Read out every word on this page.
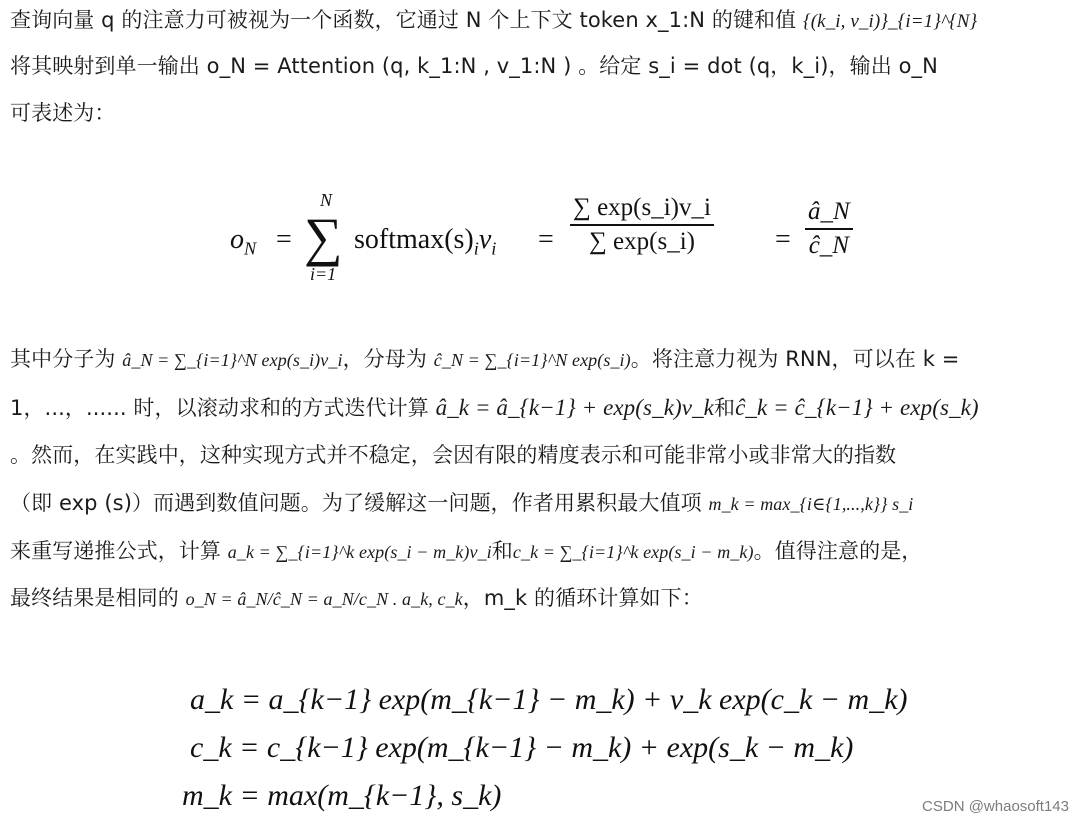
查询向量 q 的注意力可被视为一个函数，它通过 N 个上下文 token x_1:N 的键和值 {(k_i, v_i)}_{i=1}^{N}
将其映射到单一输出 o_N = Attention (q, k_1:N , v_1:N ) 。给定 s_i = dot (q，k_i)，输出 o_N
可表述为：
$o_N$ =
N
∑
i=1
$softmax(s)_iv_i = \frac{\sum \exp(s\_i)v\_i}{\sum \exp(s\_i)} = \frac{â\_N}{ĉ\_N}$
其中分子为 â_N = ∑_{i=1}^N exp(s_i)v_i，分母为 ĉ_N = ∑_{i=1}^N exp(s_i)。将注意力视为 RNN，可以在 k =
1，...，...... 时，以滚动求和的方式迭代计算 â_k = â_{k−1} + exp(s_k)v_k和ĉ_k = ĉ_{k−1} + exp(s_k)
。然而，在实践中，这种实现方式并不稳定，会因有限的精度表示和可能非常小或非常大的指数
（即 exp (s)）而遇到数值问题。为了缓解这一问题，作者用累积最大值项 m_k = max_{i∈{1,...,k}} s_i
来重写递推公式，计算 a_k = ∑_{i=1}^k exp(s_i − m_k)v_i和c_k = ∑_{i=1}^k exp(s_i − m_k)。值得注意的是，
最终结果是相同的 o_N = â_N/ĉ_N = a_N/c_N . a_k, c_k，m_k 的循环计算如下：
a_k = a_{k−1} exp(m_{k−1} − m_k) + v_k exp(c_k − m_k)
c_k = c_{k−1} exp(m_{k−1} − m_k) + exp(s_k − m_k)
m_k = max(m_{k−1}, s_k)	CSDN @whaosoft143
